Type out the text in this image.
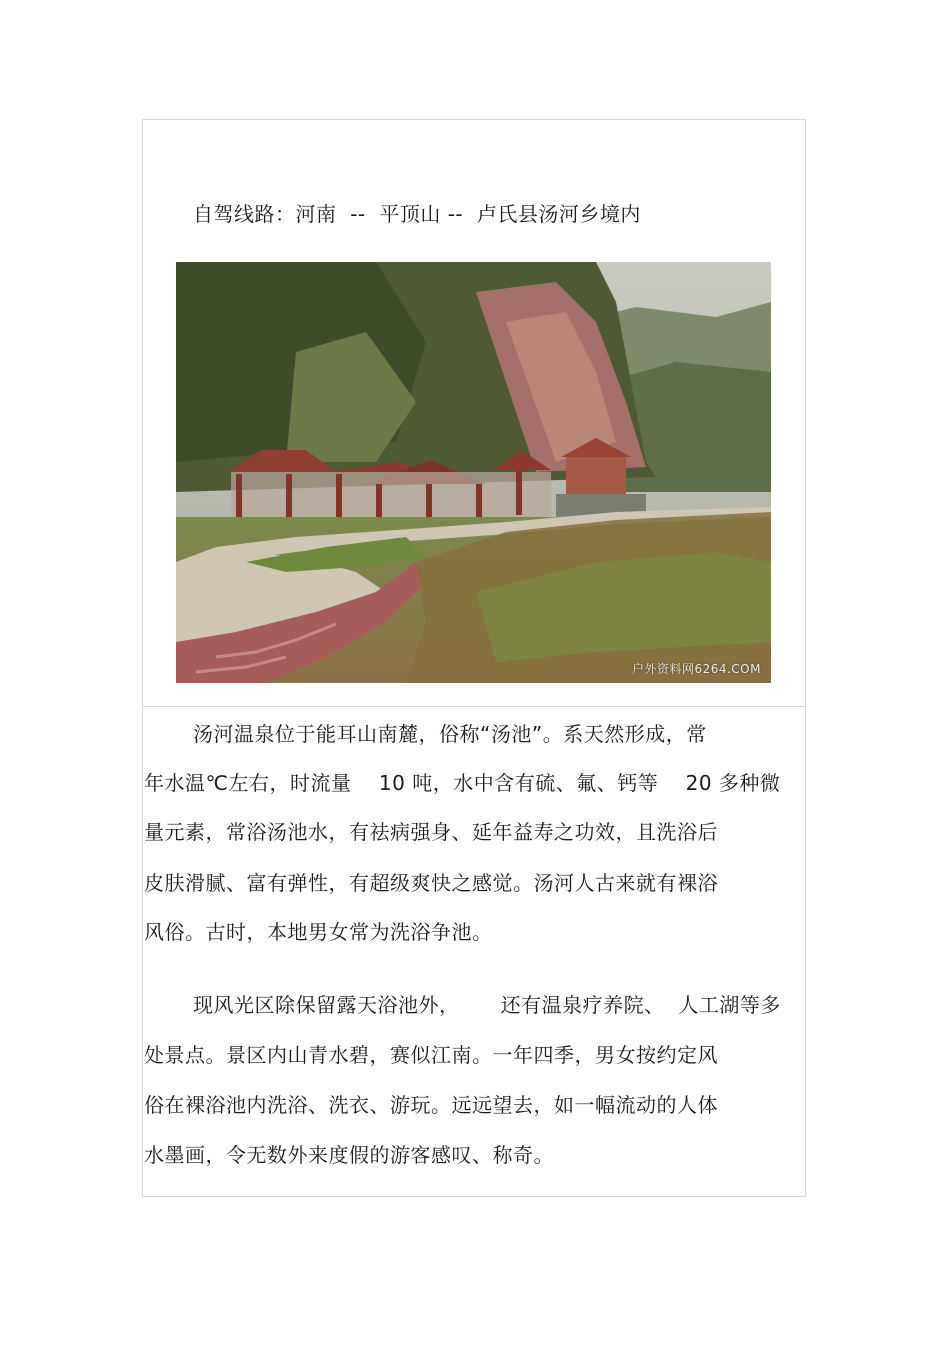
自驾线路：河南  --  平顶山 --  卢氏县汤河乡境内
户外资料网6264.COM
汤河温泉位于能耳山南麓，俗称“汤池”。系天然形成，常
年水温℃左右，时流量    10 吨，水中含有硫、氟、钙等    20 多种微
量元素，常浴汤池水，有祛病强身、延年益寿之功效，且洗浴后
皮肤滑腻、富有弹性，有超级爽快之感觉。汤河人古来就有裸浴
风俗。古时，本地男女常为洗浴争池。
现风光区除保留露天浴池外，      还有温泉疗养院、  人工湖等多
处景点。景区内山青水碧，赛似江南。一年四季，男女按约定风
俗在裸浴池内洗浴、洗衣、游玩。远远望去，如一幅流动的人体
水墨画，令无数外来度假的游客感叹、称奇。
